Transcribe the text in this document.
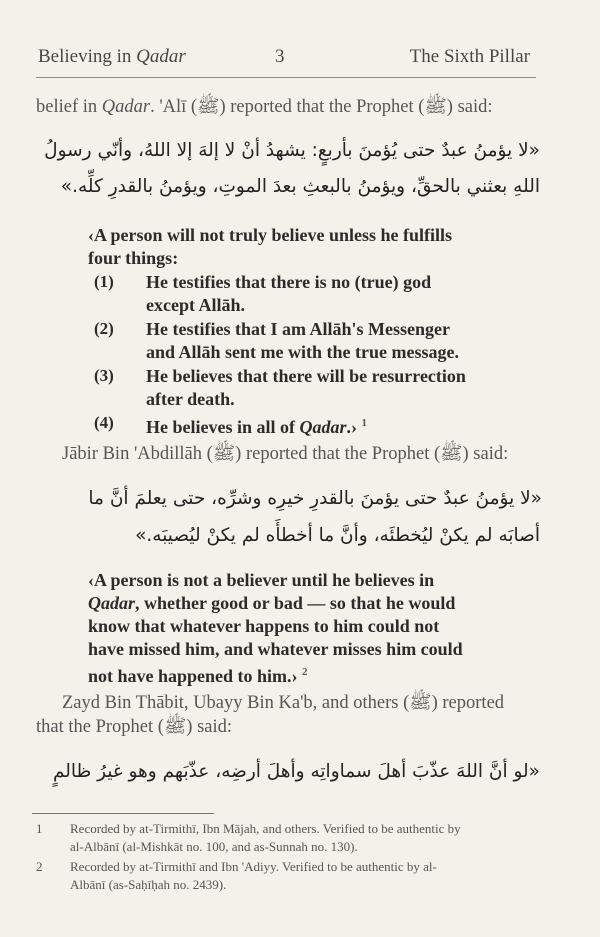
Believing in Qadar	3	The Sixth Pillar
belief in Qadar. 'Alī (ﷺ) reported that the Prophet (ﷺ) said:
«لا يؤمنُ عبدٌ حتى يُؤمنَ بأربعٍ: يشهدُ أنْ لا إلهَ إلا اللهُ، وأنّي رسولُ
اللهِ بعثني بالحقِّ، ويؤمنُ بالبعثِ بعدَ الموتِ، ويؤمنُ بالقدرِ كلِّه.»
‹A person will not truly believe unless he fulfills
four things:
(1) He testifies that there is no (true) god
except Allāh.
(2) He testifies that I am Allāh's Messenger
and Allāh sent me with the true message.
(3) He believes that there will be resurrection
after death.
(4) He believes in all of Qadar.› $^1$
Jābir Bin 'Abdillāh (ﷺ) reported that the Prophet (ﷺ) said:
«لا يؤمنُ عبدٌ حتى يؤمنَ بالقدرِ خيرِه وشرِّه، حتى يعلمَ أنَّ ما
أصابَه لم يكنْ ليُخطئَه، وأنَّ ما أخطأَه لم يكنْ ليُصيبَه.»
‹A person is not a believer until he believes in
Qadar, whether good or bad — so that he would
know that whatever happens to him could not
have missed him, and whatever misses him could
not have happened to him.› $^2$
Zayd Bin Thābit, Ubayy Bin Ka'b, and others (ﷺ) reported
that the Prophet (ﷺ) said:
«لو أنَّ اللهَ عذّبَ أهلَ سماواتِه وأهلَ أرضِه، عذّبَهم وهو غيرُ ظالمٍ
1 Recorded by at-Tirmithī, Ibn Mājah, and others. Verified to be authentic by
al-Albānī (al-Mishkāt no. 100, and as-Sunnah no. 130).
2 Recorded by at-Tirmithī and Ibn 'Adiyy. Verified to be authentic by al-
Albānī (as-Saḥīḥah no. 2439).
